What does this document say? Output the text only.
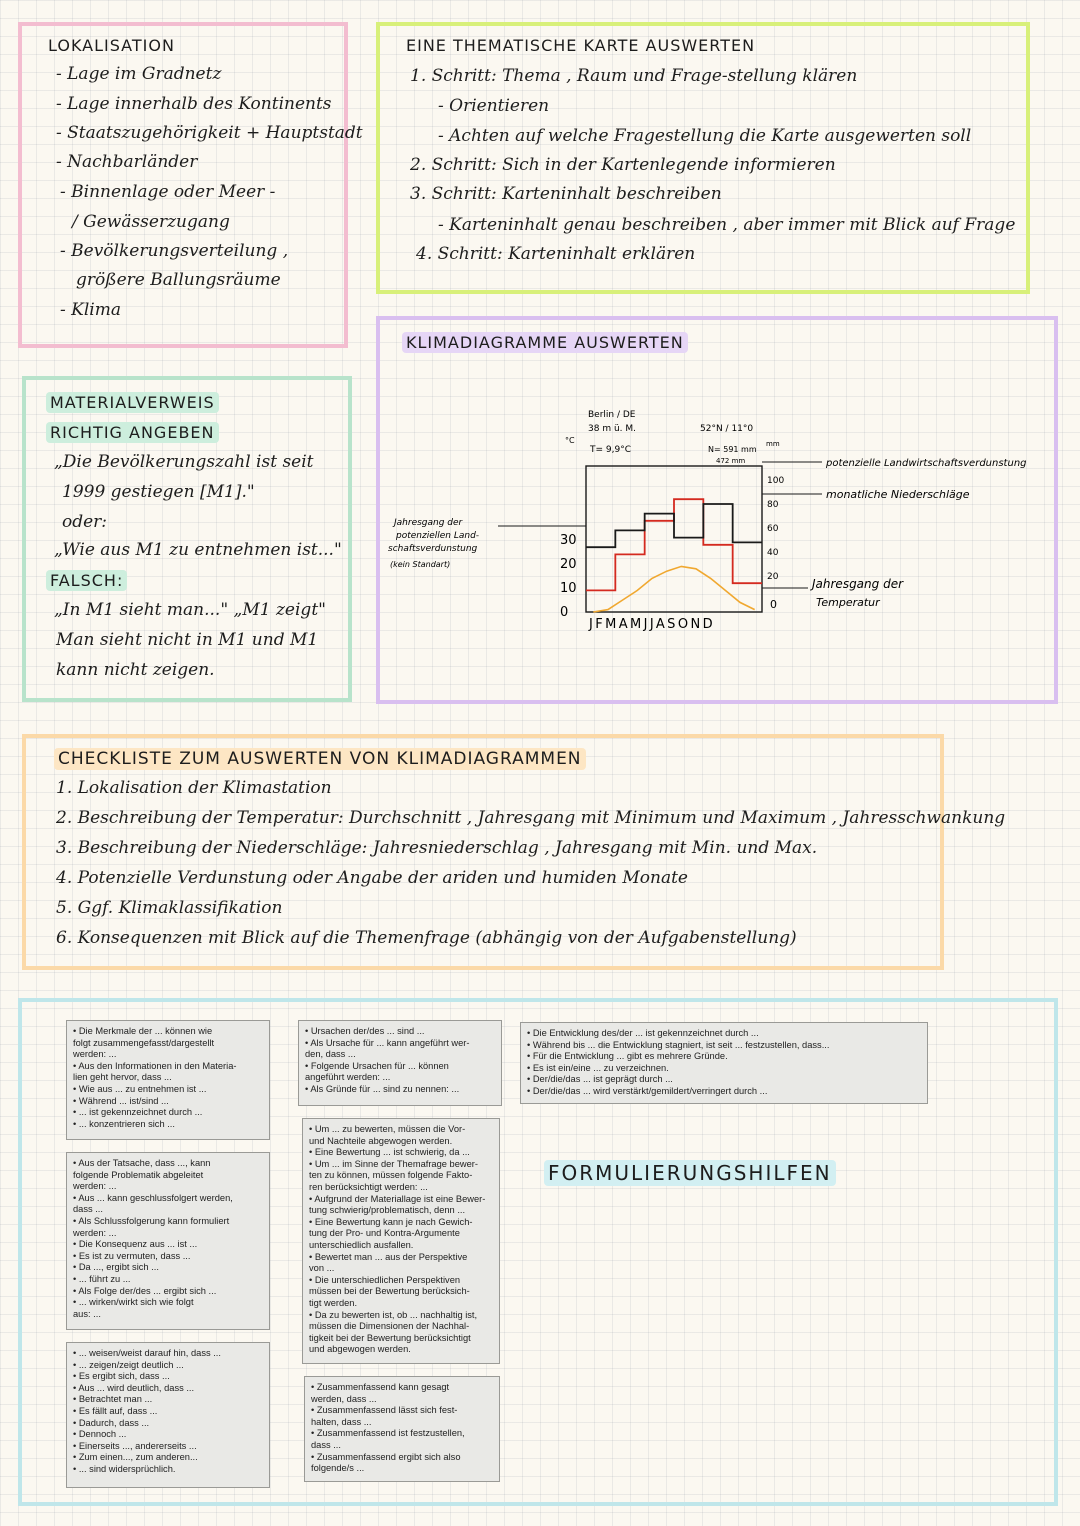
LOKALISATION
- Lage im Gradnetz
- Lage innerhalb des Kontinents
- Staatszugehörigkeit + Hauptstadt
- Nachbarländer
- Binnenlage oder Meer -
/ Gewässerzugang
- Bevölkerungsverteilung ,
größere Ballungsräume
- Klima
EINE THEMATISCHE KARTE AUSWERTEN
1. Schritt: Thema , Raum und Frage-stellung klären
- Orientieren
- Achten auf welche Fragestellung die Karte ausgewerten soll
2. Schritt: Sich in der Kartenlegende informieren
3. Schritt: Karteninhalt beschreiben
- Karteninhalt genau beschreiben , aber immer mit Blick auf Frage
4. Schritt: Karteninhalt erklären
MATERIALVERWEIS
RICHTIG ANGEBEN
„Die Bevölkerungszahl ist seit
1999 gestiegen [M1]."
oder:
„Wie aus M1 zu entnehmen ist..."
FALSCH:
„In M1 sieht man..." „M1 zeigt"
Man sieht nicht in M1 und M1
kann nicht zeigen.
KLIMADIAGRAMME AUSWERTEN
0
10
20
30
20
40
60
80
100
0
Berlin / DE
38 m ü. M.	52°N / 11°0
°C	mm
T= 9,9°C	N= 591 mm
472 mm
Jahresgang der
potenziellen Land-
schaftsverdunstung
(kein Standart)
potenzielle Landwirtschaftsverdunstung
monatliche Niederschläge
Jahresgang der
Temperatur
JFMAMJJASOND
CHECKLISTE ZUM AUSWERTEN VON KLIMADIAGRAMMEN
1. Lokalisation der Klimastation
2. Beschreibung der Temperatur: Durchschnitt , Jahresgang mit Minimum und Maximum , Jahresschwankung
3. Beschreibung der Niederschläge: Jahresniederschlag , Jahresgang mit Min. und Max.
4. Potenzielle Verdunstung oder Angabe der ariden und humiden Monate
5. Ggf. Klimaklassifikation
6. Konsequenzen mit Blick auf die Themenfrage (abhängig von der Aufgabenstellung)
FORMULIERUNGSHILFEN
• Die Merkmale der ... können wie
folgt zusammengefasst/dargestellt
werden: ...
• Aus den Informationen in den Materia-
lien geht hervor, dass ...
• Wie aus ... zu entnehmen ist ...
• Während ... ist/sind ...
• ... ist gekennzeichnet durch ...
• ... konzentrieren sich ...
• Aus der Tatsache, dass ..., kann
folgende Problematik abgeleitet
werden: ...
• Aus ... kann geschlussfolgert werden,
dass ...
• Als Schlussfolgerung kann formuliert
werden: ...
• Die Konsequenz aus ... ist ...
• Es ist zu vermuten, dass ...
• Da ..., ergibt sich ...
• ... führt zu ...
• Als Folge der/des ... ergibt sich ...
• ... wirken/wirkt sich wie folgt
aus: ...
• ... weisen/weist darauf hin, dass ...
• ... zeigen/zeigt deutlich ...
• Es ergibt sich, dass ...
• Aus ... wird deutlich, dass ...
• Betrachtet man ...
• Es fällt auf, dass ...
• Dadurch, dass ...
• Dennoch ...
• Einerseits ..., andererseits ...
• Zum einen..., zum anderen...
• ... sind widersprüchlich.
• Ursachen der/des ... sind ...
• Als Ursache für ... kann angeführt wer-
den, dass ...
• Folgende Ursachen für ... können
angeführt werden: ...
• Als Gründe für ... sind zu nennen: ...
• Um ... zu bewerten, müssen die Vor-
und Nachteile abgewogen werden.
• Eine Bewertung ... ist schwierig, da ...
• Um ... im Sinne der Themafrage bewer-
ten zu können, müssen folgende Fakto-
ren berücksichtigt werden: ...
• Aufgrund der Materiallage ist eine Bewer-
tung schwierig/problematisch, denn ...
• Eine Bewertung kann je nach Gewich-
tung der Pro- und Kontra-Argumente
unterschiedlich ausfallen.
• Bewertet man ... aus der Perspektive
von ...
• Die unterschiedlichen Perspektiven
müssen bei der Bewertung berücksich-
tigt werden.
• Da zu bewerten ist, ob ... nachhaltig ist,
müssen die Dimensionen der Nachhal-
tigkeit bei der Bewertung berücksichtigt
und abgewogen werden.
• Zusammenfassend kann gesagt
werden, dass ...
• Zusammenfassend lässt sich fest-
halten, dass ...
• Zusammenfassend ist festzustellen,
dass ...
• Zusammenfassend ergibt sich also
folgende/s ...
• Die Entwicklung des/der ... ist gekennzeichnet durch ...
• Während bis ... die Entwicklung stagniert, ist seit ... festzustellen, dass...
• Für die Entwicklung ... gibt es mehrere Gründe.
• Es ist ein/eine ... zu verzeichnen.
• Der/die/das ... ist geprägt durch ...
• Der/die/das ... wird verstärkt/gemildert/verringert durch ...
